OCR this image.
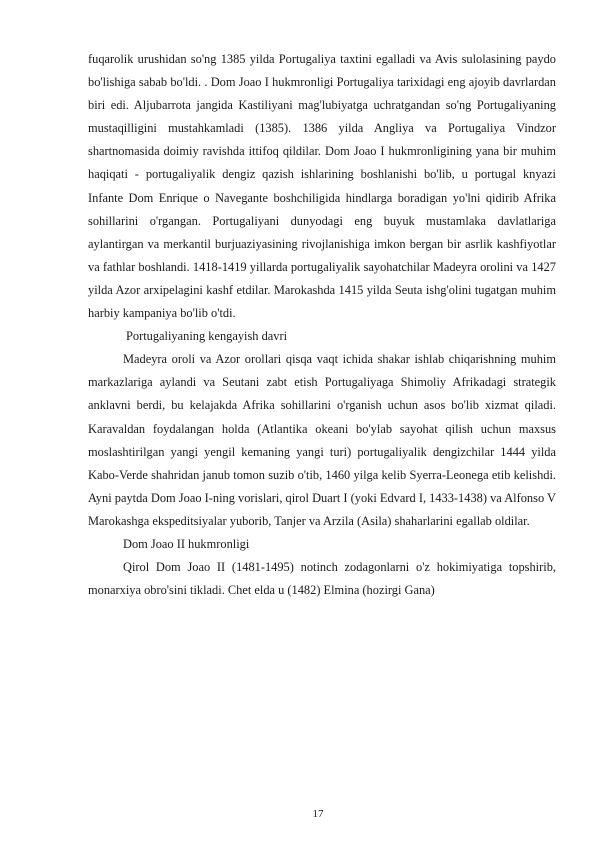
fuqarolik urushidan so'ng 1385 yilda Portugaliya taxtini egalladi va Avis sulolasining paydo bo'lishiga sabab bo'ldi. . Dom Joao I hukmronligi Portugaliya tarixidagi eng ajoyib davrlardan biri edi. Aljubarrota jangida Kastiliyani mag'lubiyatga uchratgandan so'ng Portugaliyaning mustaqilligini mustahkamladi (1385). 1386 yilda Angliya va Portugaliya Vindzor shartnomasida doimiy ravishda ittifoq qildilar. Dom Joao I hukmronligining yana bir muhim haqiqati - portugaliyalik dengiz qazish ishlarining boshlanishi bo'lib, u portugal knyazi Infante Dom Enrique o Navegante boshchiligida hindlarga boradigan yo'lni qidirib Afrika sohillarini o'rgangan. Portugaliyani dunyodagi eng buyuk mustamlaka davlatlariga aylantirgan va merkantil burjuaziyasining rivojlanishiga imkon bergan bir asrlik kashfiyotlar va fathlar boshlandi. 1418-1419 yillarda portugaliyalik sayohatchilar Madeyra orolini va 1427 yilda Azor arxipelagini kashf etdilar. Marokashda 1415 yilda Seuta ishg'olini tugatgan muhim harbiy kampaniya bo'lib o'tdi.

Portugaliyaning kengayish davri

Madeyra oroli va Azor orollari qisqa vaqt ichida shakar ishlab chiqarishning muhim markazlariga aylandi va Seutani zabt etish Portugaliyaga Shimoliy Afrikadagi strategik anklavni berdi, bu kelajakda Afrika sohillarini o'rganish uchun asos bo'lib xizmat qiladi. Karavaldan foydalangan holda (Atlantika okeani bo'ylab sayohat qilish uchun maxsus moslashtirilgan yangi yengil kemaning yangi turi) portugaliyalik dengizchilar 1444 yilda Kabo-Verde shahridan janub tomon suzib o'tib, 1460 yilga kelib Syerra-Leonega etib kelishdi. Ayni paytda Dom Joao I-ning vorislari, qirol Duart I (yoki Edvard I, 1433-1438) va Alfonso V Marokashga ekspeditsiyalar yuborib, Tanjer va Arzila (Asila) shaharlarini egallab oldilar.

Dom Joao II hukmronligi

Qirol Dom Joao II (1481-1495) notinch zodagonlarni o'z hokimiyatiga topshirib, monarxiya obro'sini tikladi. Chet elda u (1482) Elmina (hozirgi Gana)

17
